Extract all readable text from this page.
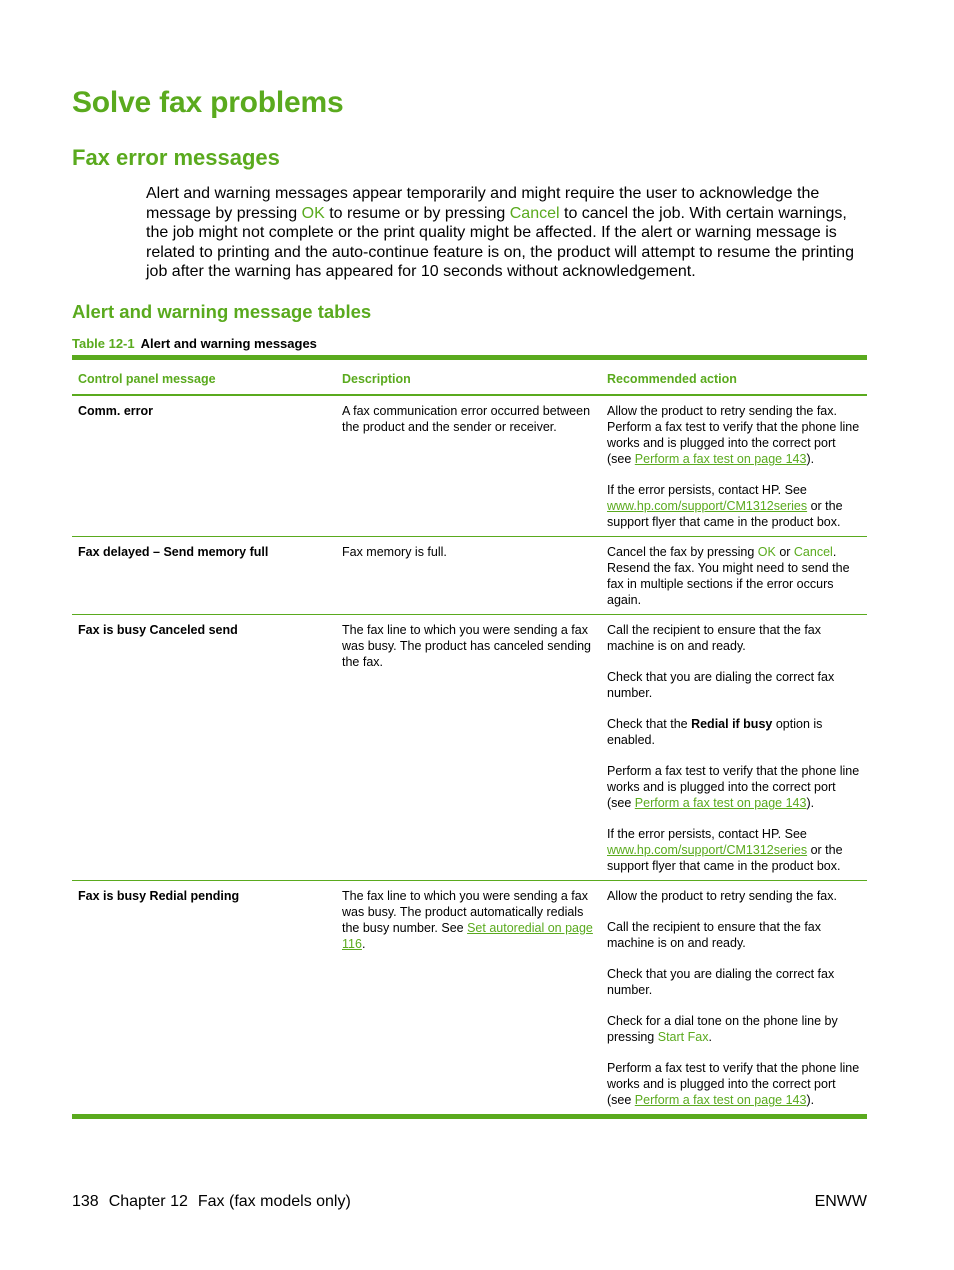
Solve fax problems
Fax error messages

Alert and warning messages appear temporarily and might require the user to acknowledge the message by pressing OK to resume or by pressing Cancel to cancel the job. With certain warnings, the job might not complete or the print quality might be affected. If the alert or warning message is related to printing and the auto-continue feature is on, the product will attempt to resume the printing job after the warning has appeared for 10 seconds without acknowledgement.

Alert and warning message tables

Table 12-1 Alert and warning messages

Control panel message	Description	Recommended action
Comm. error	A fax communication error occurred between the product and the sender or receiver.	Allow the product to retry sending the fax. Perform a fax test to verify that the phone line works and is plugged into the correct port (see Perform a fax test on page 143).

If the error persists, contact HP. See www.hp.com/support/CM1312series or the support flyer that came in the product box.

Fax delayed – Send memory full	Fax memory is full.	Cancel the fax by pressing OK or Cancel. Resend the fax. You might need to send the fax in multiple sections if the error occurs again.

Fax is busy Canceled send	The fax line to which you were sending a fax was busy. The product has canceled sending the fax.	Call the recipient to ensure that the fax machine is on and ready.

Check that you are dialing the correct fax number.

Check that the Redial if busy option is enabled.

Perform a fax test to verify that the phone line works and is plugged into the correct port (see Perform a fax test on page 143).

If the error persists, contact HP. See www.hp.com/support/CM1312series or the support flyer that came in the product box.

Fax is busy Redial pending	The fax line to which you were sending a fax was busy. The product automatically redials the busy number. See Set autoredial on page 116.	Allow the product to retry sending the fax.

Call the recipient to ensure that the fax machine is on and ready.

Check that you are dialing the correct fax number.

Check for a dial tone on the phone line by pressing Start Fax.

Perform a fax test to verify that the phone line works and is plugged into the correct port (see Perform a fax test on page 143).

138 Chapter 12 Fax (fax models only)	ENWW
